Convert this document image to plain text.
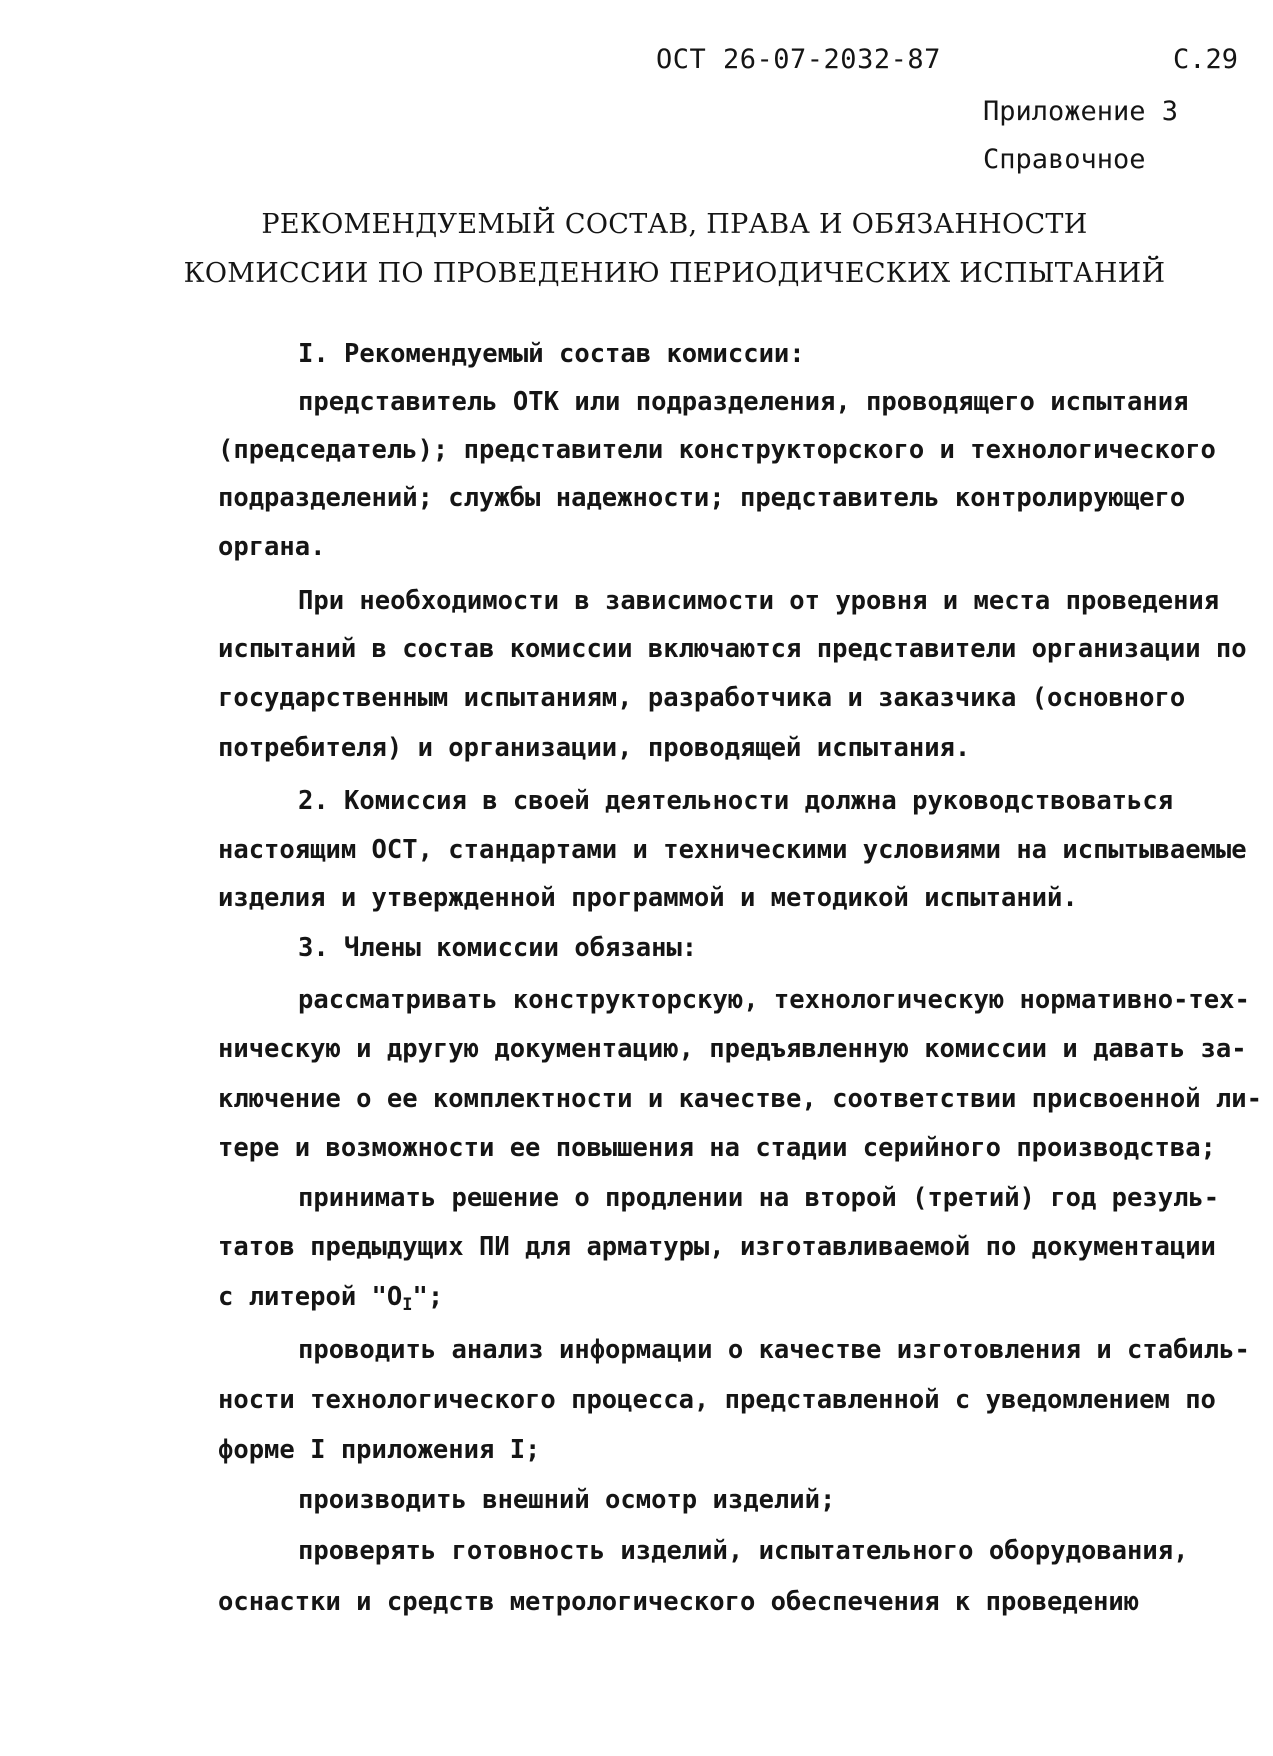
ОСТ 26-07-2032-87	С.29
Приложение 3
Справочное
РЕКОМЕНДУЕМЫЙ СОСТАВ, ПРАВА И ОБЯЗАННОСТИ
КОМИССИИ ПО ПРОВЕДЕНИЮ ПЕРИОДИЧЕСКИХ ИСПЫТАНИЙ
I. Рекомендуемый состав комиссии:
представитель ОТК или подразделения, проводящего испытания
(председатель); представители конструкторского и технологического
подразделений; службы надежности; представитель контролирующего
органа.
При необходимости в зависимости от уровня и места проведения
испытаний в состав комиссии включаются представители организации по
государственным испытаниям, разработчика и заказчика (основного
потребителя) и организации, проводящей испытания.
2. Комиссия в своей деятельности должна руководствоваться
настоящим ОСТ, стандартами и техническими условиями на испытываемые
изделия и утвержденной программой и методикой испытаний.
3. Члены комиссии обязаны:
рассматривать конструкторскую, технологическую нормативно-тех-
ническую и другую документацию, предъявленную комиссии и давать за-
ключение о ее комплектности и качестве, соответствии присвоенной ли-
тере и возможности ее повышения на стадии серийного производства;
принимать решение о продлении на второй (третий) год резуль-
татов предыдущих ПИ для арматуры, изготавливаемой по документации
с литерой "$O_I$";
проводить анализ информации о качестве изготовления и стабиль-
ности технологического процесса, представленной с уведомлением по
форме I приложения I;
производить внешний осмотр изделий;
проверять готовность изделий, испытательного оборудования,
оснастки и средств метрологического обеспечения к проведению
